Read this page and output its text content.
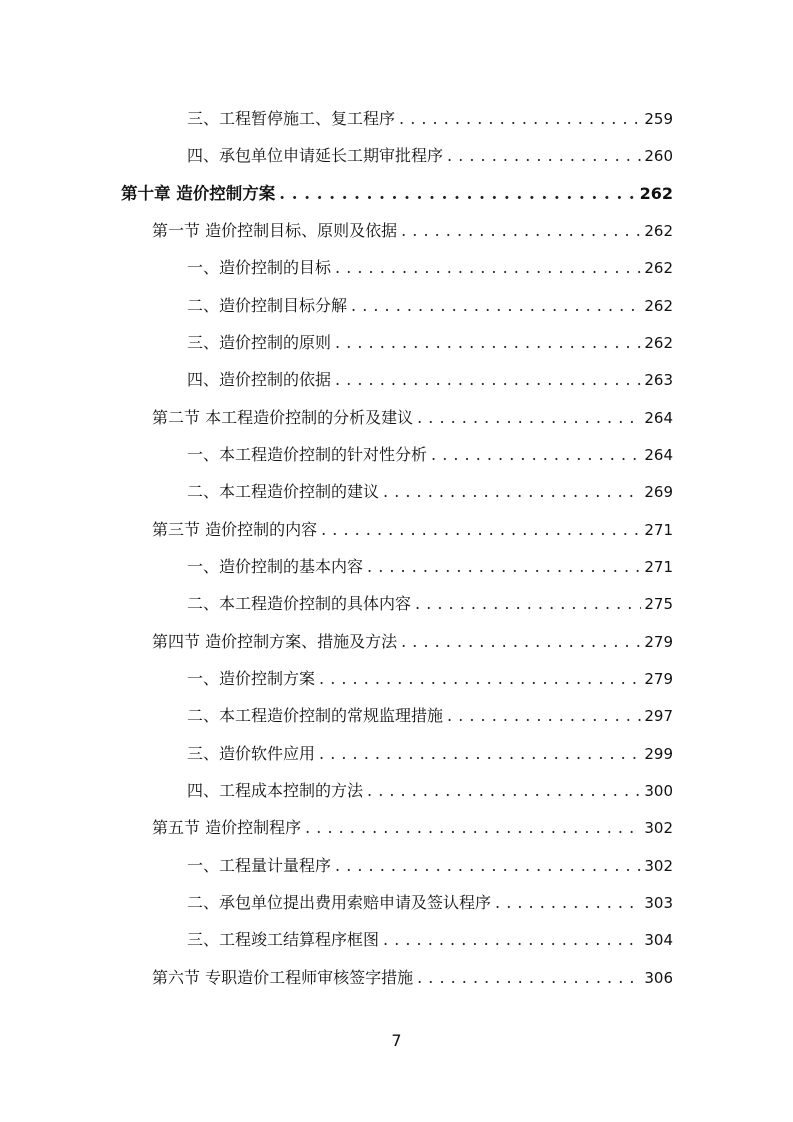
三、工程暂停施工、复工程序 . . .	259
四、承包单位申请延长工期审批程序 . . .	260
第十章 造价控制方案 . . .	262
第一节 造价控制目标、原则及依据 . . .	262
一、造价控制的目标 . . .	262
二、造价控制目标分解 . . .	262
三、造价控制的原则 . . .	262
四、造价控制的依据 . . .	263
第二节 本工程造价控制的分析及建议 . . .	264
一、本工程造价控制的针对性分析 . . .	264
二、本工程造价控制的建议 . . .	269
第三节 造价控制的内容 . . .	271
一、造价控制的基本内容 . . .	271
二、本工程造价控制的具体内容 . . .	275
第四节 造价控制方案、措施及方法 . . .	279
一、造价控制方案 . . .	279
二、本工程造价控制的常规监理措施 . . .	297
三、造价软件应用 . . .	299
四、工程成本控制的方法 . . .	300
第五节 造价控制程序 . . .	302
一、工程量计量程序 . . .	302
二、承包单位提出费用索赔申请及签认程序 . . .	303
三、工程竣工结算程序框图 . . .	304
第六节 专职造价工程师审核签字措施 . . .	306
7
